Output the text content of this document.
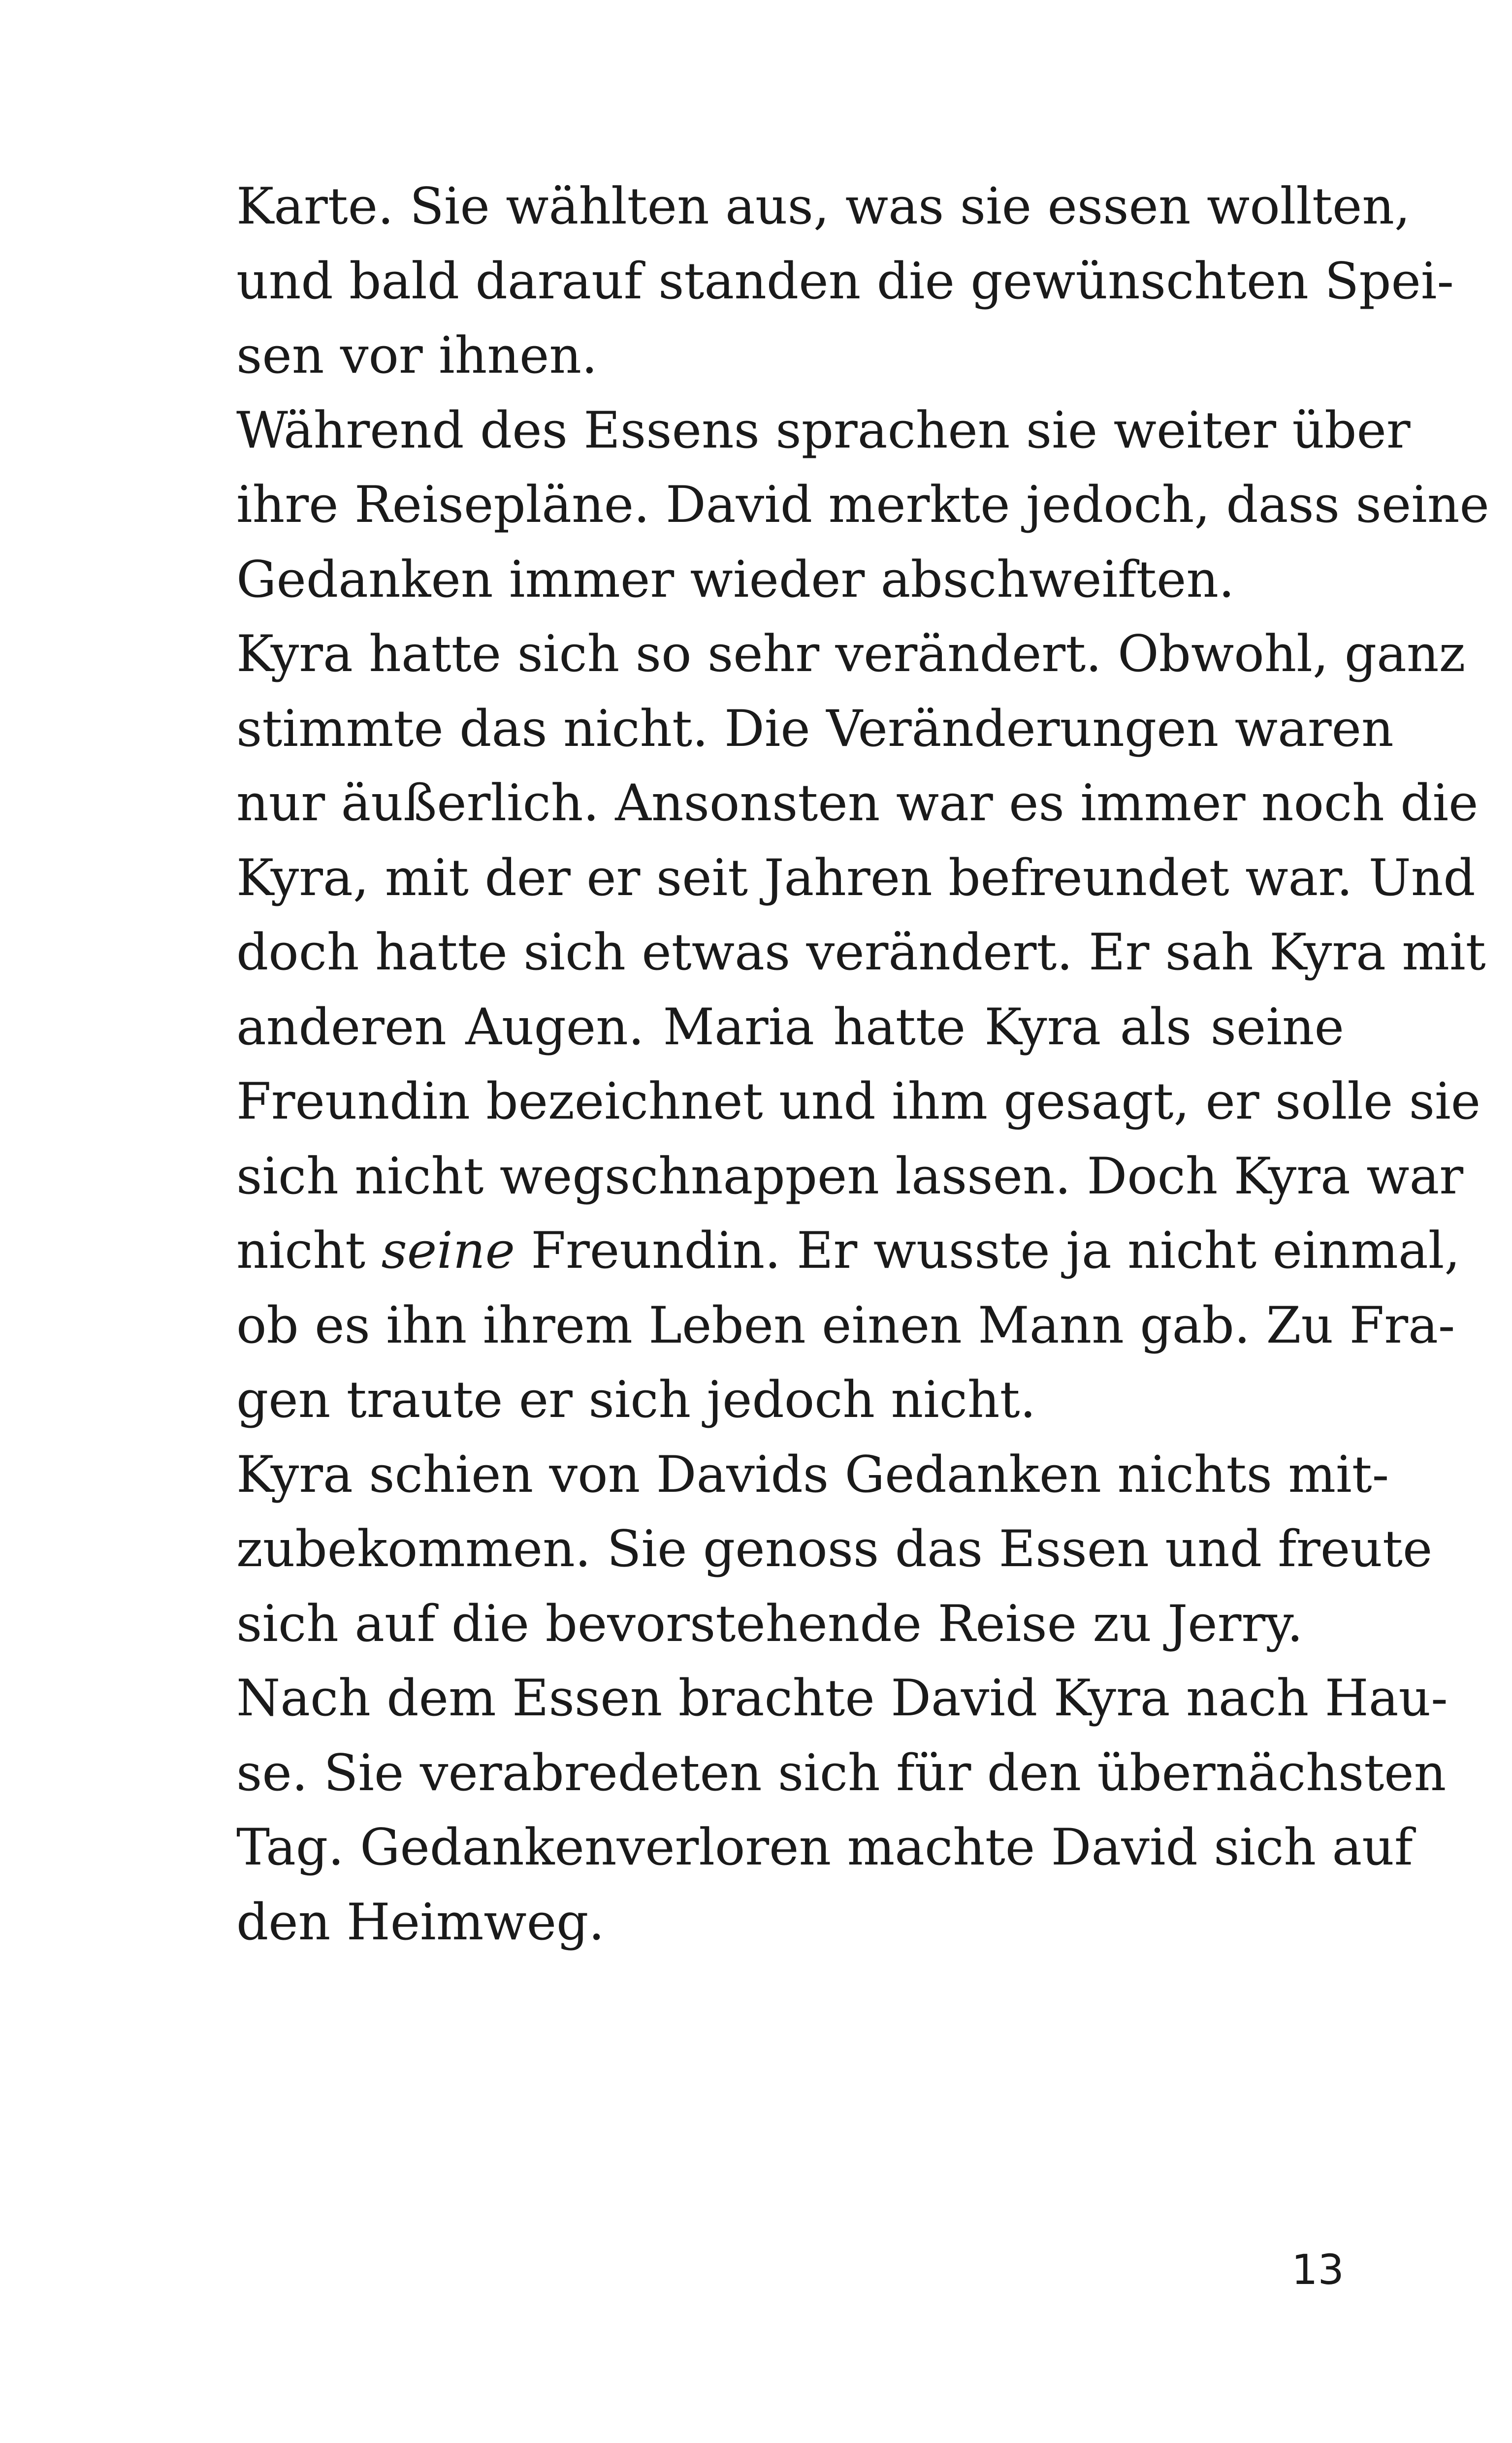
Karte. Sie wählten aus, was sie essen wollten,
und bald darauf standen die gewünschten Spei-
sen vor ihnen.
Während des Essens sprachen sie weiter über
ihre Reisepläne. David merkte jedoch, dass seine
Gedanken immer wieder abschweiften.
Kyra hatte sich so sehr verändert. Obwohl, ganz
stimmte das nicht. Die Veränderungen waren
nur äußerlich. Ansonsten war es immer noch die
Kyra, mit der er seit Jahren befreundet war. Und
doch hatte sich etwas verändert. Er sah Kyra mit
anderen Augen. Maria hatte Kyra als seine
Freundin bezeichnet und ihm gesagt, er solle sie
sich nicht wegschnappen lassen. Doch Kyra war
nicht seine Freundin. Er wusste ja nicht einmal,
ob es ihn ihrem Leben einen Mann gab. Zu Fra-
gen traute er sich jedoch nicht.
Kyra schien von Davids Gedanken nichts mit-
zubekommen. Sie genoss das Essen und freute
sich auf die bevorstehende Reise zu Jerry.
Nach dem Essen brachte David Kyra nach Hau-
se. Sie verabredeten sich für den übernächsten
Tag. Gedankenverloren machte David sich auf
den Heimweg.
13
